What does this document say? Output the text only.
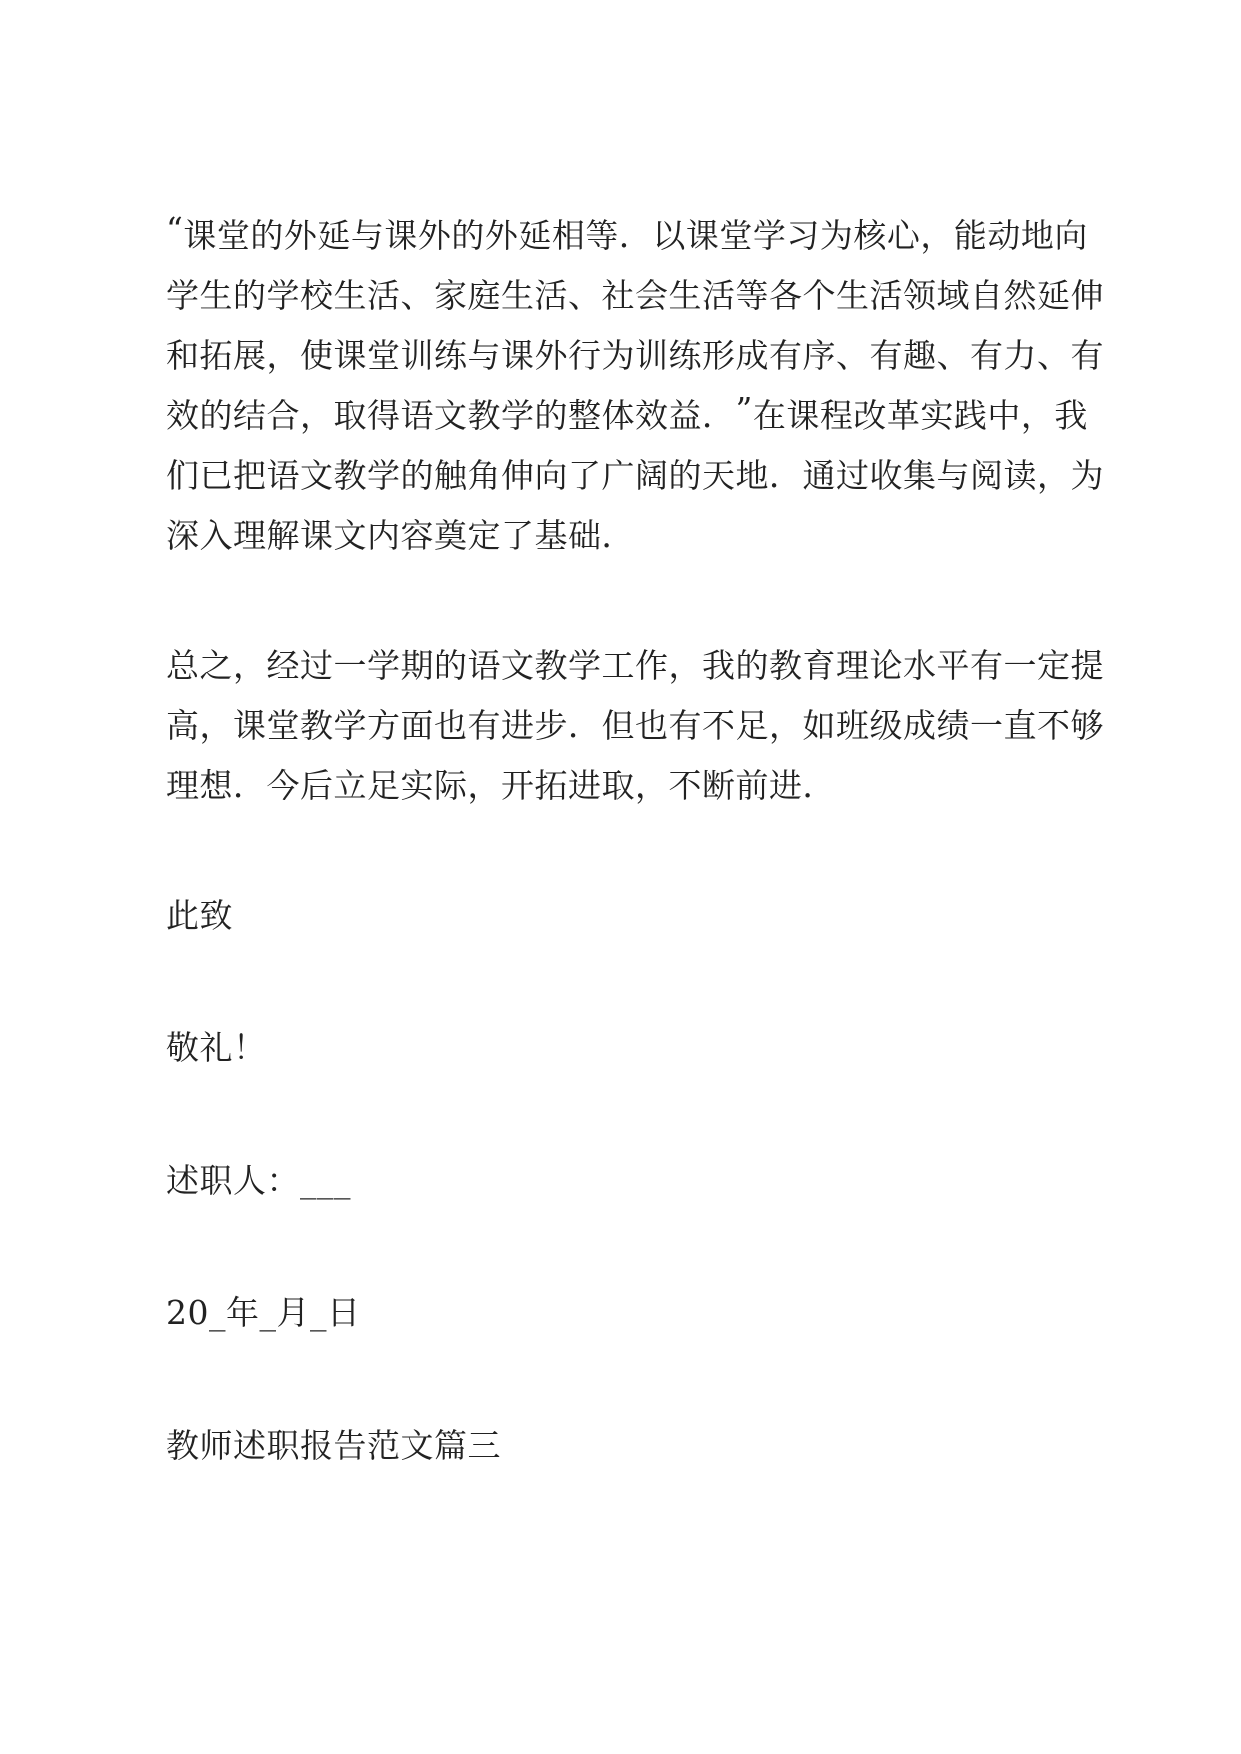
“ 课 堂 的 外 延 与 课 外 的 外 延 相 等 ． 以 课 堂 学 习 为 核 心 ， 能 动 地 向
学 生 的 学 校 生 活 、 家 庭 生 活 、 社 会 生 活 等 各 个 生 活 领 域 自 然 延 伸
和 拓 展 ， 使 课 堂 训 练 与 课 外 行 为 训 练 形 成 有 序 、 有 趣 、 有 力 、 有
效 的 结 合 ， 取 得 语 文 教 学 的 整 体 效 益 ． ” 在 课 程 改 革 实 践 中 ， 我
们 已 把 语 文 教 学 的 触 角 伸 向 了 广 阔 的 天 地 ． 通 过 收 集 与 阅 读 ， 为
深入理解课文内容奠定了基础．
总 之 ， 经 过 一 学 期 的 语 文 教 学 工 作 ， 我 的 教 育 理 论 水 平 有 一 定 提
高 ， 课 堂 教 学 方 面 也 有 进 步 ． 但 也 有 不 足 ， 如 班 级 成 绩 一 直 不 够
理想．今后立足实际，开拓进取，不断前进．
此致
敬礼！
述职人：___
20_年_月_日
教师述职报告范文篇三
